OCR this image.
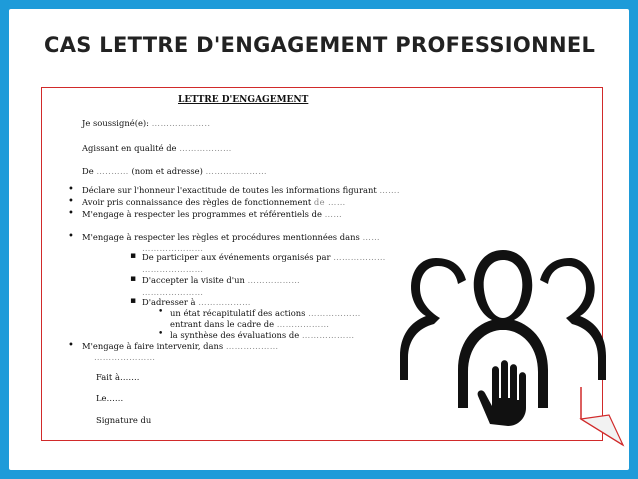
CAS LETTRE D'ENGAGEMENT PROFESSIONNEL
LETTRE D'ENGAGEMENT
Je soussigné(e): ………………..
Agissant en qualité de ………………
De …..…… (nom et adresse) …………………
• Déclare sur l'honneur l'exactitude de toutes les informations figurant …….
• Avoir pris connaissance des règles de fonctionnement de ……
• M'engage à respecter les programmes et référentiels de ……
• M'engage à respecter les règles et procédures mentionnées dans ……
…………………
▪ De participer aux événements organisés par ………………
…………………
▪ D'accepter la visite d'un ………………
…………………
▪ D'adresser à ………………
• un état récapitulatif des actions ………………
entrant dans le cadre de ………………
• la synthèse des évaluations de ………………
• M'engage à faire intervenir, dans ………………
…………………
Fait à…….
Le……
Signature du
